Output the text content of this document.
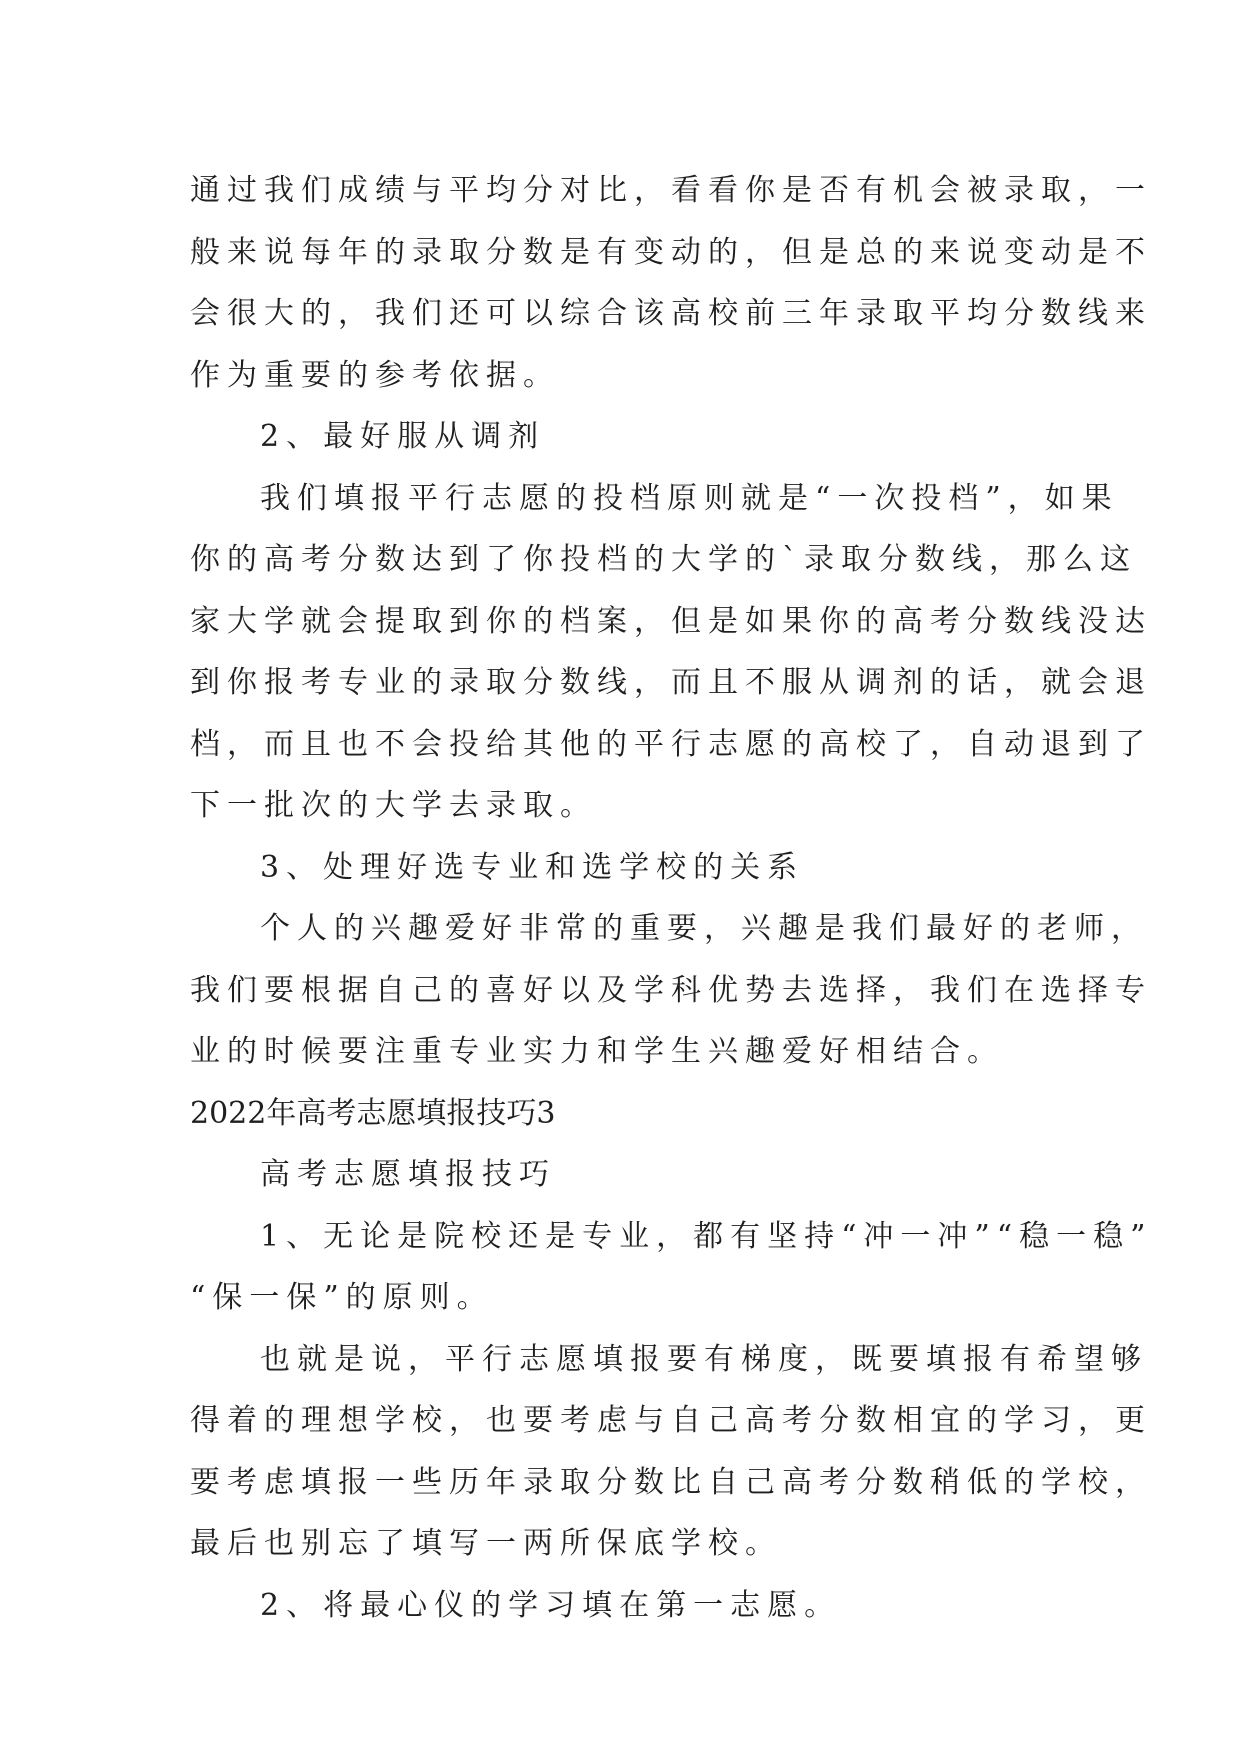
通过我们成绩与平均分对比，看看你是否有机会被录取，一

般来说每年的录取分数是有变动的，但是总的来说变动是不

会很大的，我们还可以综合该高校前三年录取平均分数线来

作为重要的参考依据。

2、最好服从调剂

我们填报平行志愿的投档原则就是“一次投档”，如果

你的高考分数达到了你投档的大学的`录取分数线，那么这

家大学就会提取到你的档案，但是如果你的高考分数线没达

到你报考专业的录取分数线，而且不服从调剂的话，就会退

档，而且也不会投给其他的平行志愿的高校了，自动退到了

下一批次的大学去录取。

3、处理好选专业和选学校的关系

个人的兴趣爱好非常的重要，兴趣是我们最好的老师，

我们要根据自己的喜好以及学科优势去选择，我们在选择专

业的时候要注重专业实力和学生兴趣爱好相结合。

2022年高考志愿填报技巧3

高考志愿填报技巧

1、无论是院校还是专业，都有坚持“冲一冲”“稳一稳”

“保一保”的原则。

也就是说，平行志愿填报要有梯度，既要填报有希望够

得着的理想学校，也要考虑与自己高考分数相宜的学习，更

要考虑填报一些历年录取分数比自己高考分数稍低的学校，

最后也别忘了填写一两所保底学校。

2、将最心仪的学习填在第一志愿。
